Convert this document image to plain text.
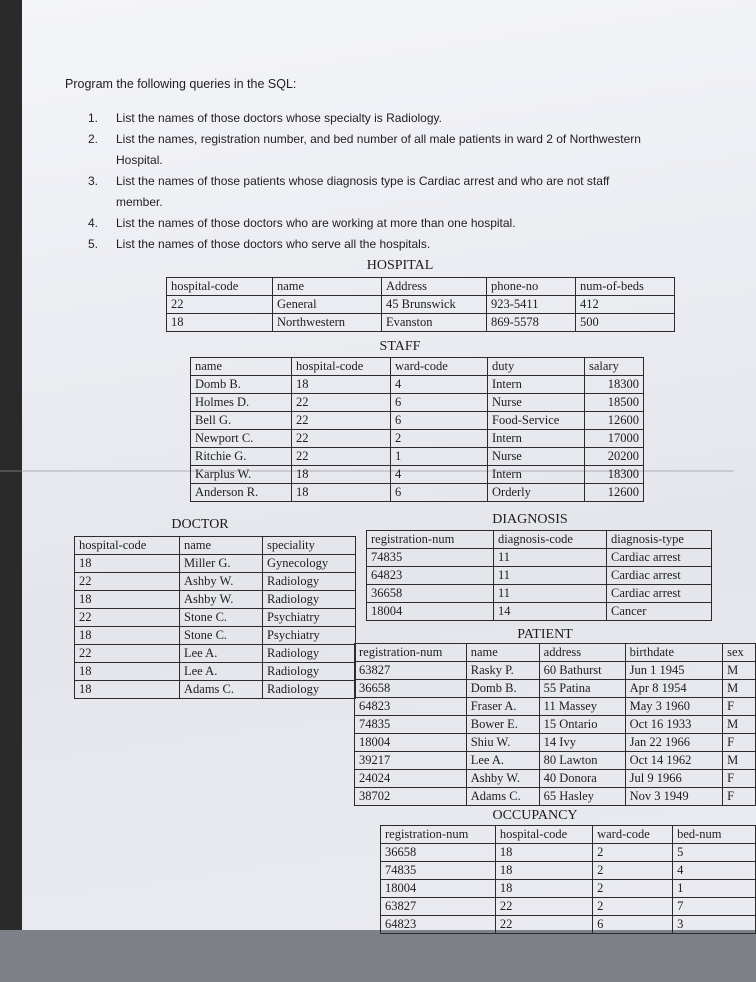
Program the following queries in the SQL:
1. List the names of those doctors whose specialty is Radiology.
2. List the names, registration number, and bed number of all male patients in ward 2 of Northwestern Hospital.
3. List the names of those patients whose diagnosis type is Cardiac arrest and who are not staff member.
4. List the names of those doctors who are working at more than one hospital.
5. List the names of those doctors who serve all the hospitals.
HOSPITAL
hospital-code	name	Address	phone-no	num-of-beds
22	General	45 Brunswick	923-5411	412
18	Northwestern	Evanston	869-5578	500
STAFF
name	hospital-code	ward-code	duty	salary
Domb B.	18	4	Intern	18300
Holmes D.	22	6	Nurse	18500
Bell G.	22	6	Food-Service	12600
Newport C.	22	2	Intern	17000
Ritchie G.	22	1	Nurse	20200
Karplus W.	18	4	Intern	18300
Anderson R.	18	6	Orderly	12600
DOCTOR
hospital-code	name	speciality
18	Miller G.	Gynecology
22	Ashby W.	Radiology
18	Ashby W.	Radiology
22	Stone C.	Psychiatry
18	Stone C.	Psychiatry
22	Lee A.	Radiology
18	Lee A.	Radiology
18	Adams C.	Radiology
DIAGNOSIS
registration-num	diagnosis-code	diagnosis-type
74835	11	Cardiac arrest
64823	11	Cardiac arrest
36658	11	Cardiac arrest
18004	14	Cancer
PATIENT
registration-num	name	address	birthdate	sex
63827	Rasky P.	60 Bathurst	Jun 1 1945	M
36658	Domb B.	55 Patina	Apr 8 1954	M
64823	Fraser A.	11 Massey	May 3 1960	F
74835	Bower E.	15 Ontario	Oct 16 1933	M
18004	Shiu W.	14 Ivy	Jan 22 1966	F
39217	Lee A.	80 Lawton	Oct 14 1962	M
24024	Ashby W.	40 Donora	Jul 9 1966	F
38702	Adams C.	65 Hasley	Nov 3 1949	F
OCCUPANCY
registration-num	hospital-code	ward-code	bed-num
36658	18	2	5
74835	18	2	4
18004	18	2	1
63827	22	2	7
64823	22	6	3
